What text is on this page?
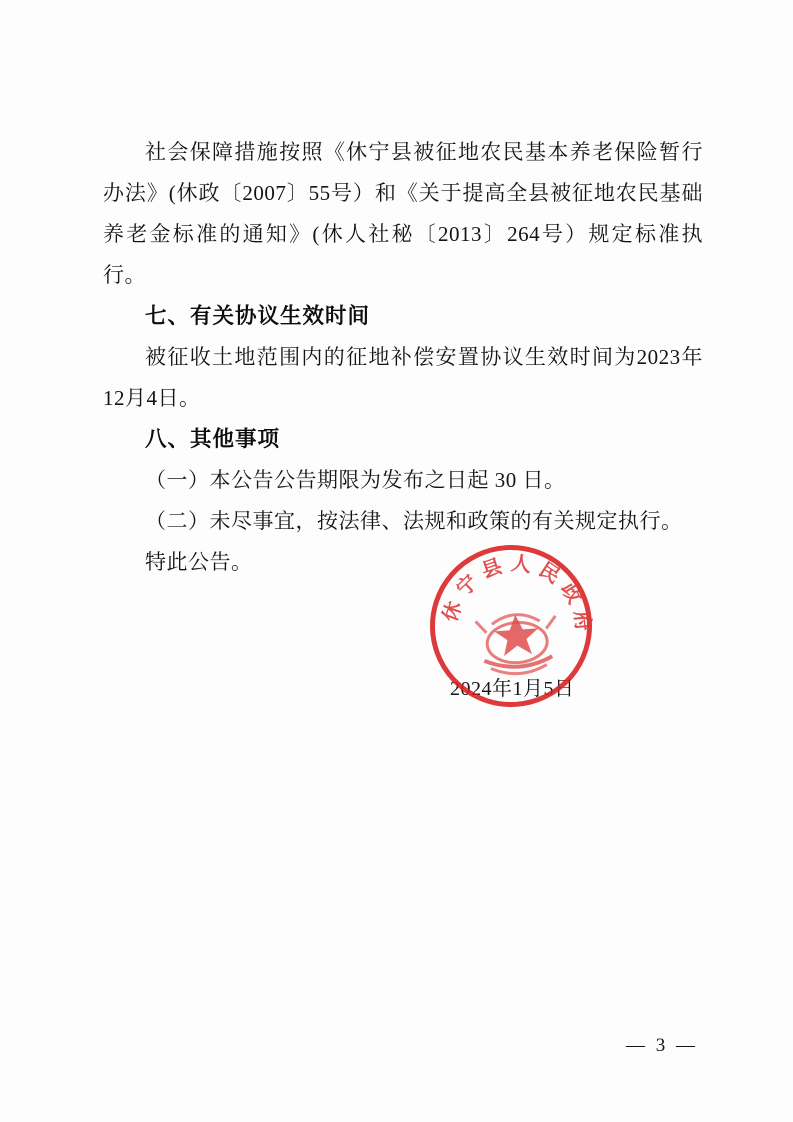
社会保障措施按照《休宁县被征地农民基本养老保险暂行办法》(休政〔2007〕55号）和《关于提高全县被征地农民基础养老金标准的通知》(休人社秘〔2013〕264号）规定标准执行。

七、有关协议生效时间

被征收土地范围内的征地补偿安置协议生效时间为2023年12月4日。

八、其他事项

（一）本公告公告期限为发布之日起 30 日。

（二）未尽事宜，按法律、法规和政策的有关规定执行。

特此公告。

2024年1月5日
休宁县人民政府
— 3 —
